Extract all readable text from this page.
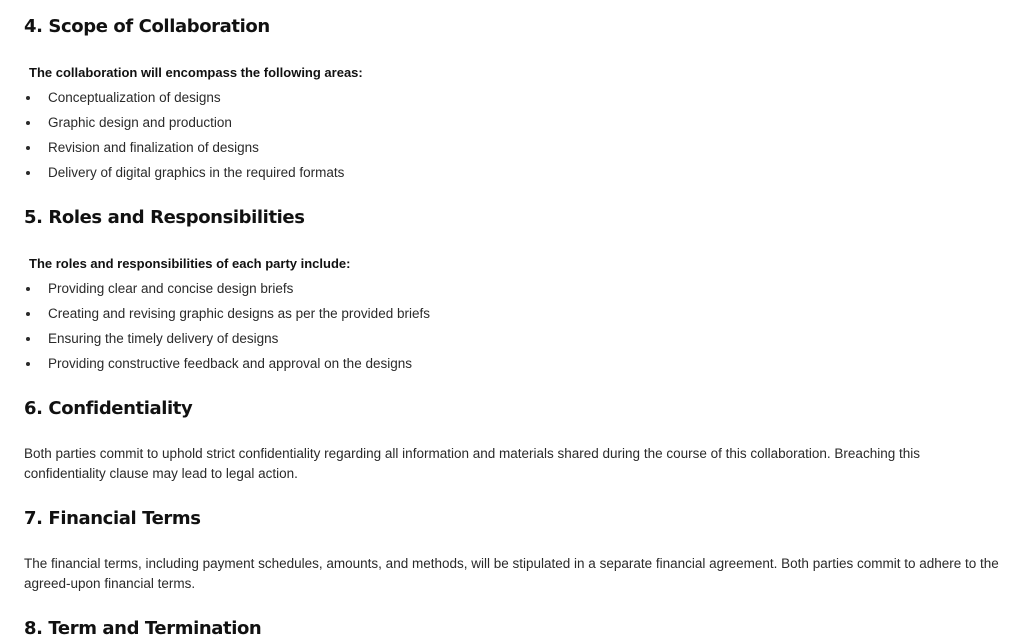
4. Scope of Collaboration

The collaboration will encompass the following areas:

Conceptualization of designs
Graphic design and production
Revision and finalization of designs
Delivery of digital graphics in the required formats
5. Roles and Responsibilities

The roles and responsibilities of each party include:

Providing clear and concise design briefs
Creating and revising graphic designs as per the provided briefs
Ensuring the timely delivery of designs
Providing constructive feedback and approval on the designs
6. Confidentiality

Both parties commit to uphold strict confidentiality regarding all information and materials shared during the course of this collaboration. Breaching this confidentiality clause may lead to legal action.

7. Financial Terms

The financial terms, including payment schedules, amounts, and methods, will be stipulated in a separate financial agreement. Both parties commit to adhere to the agreed-upon financial terms.

8. Term and Termination
